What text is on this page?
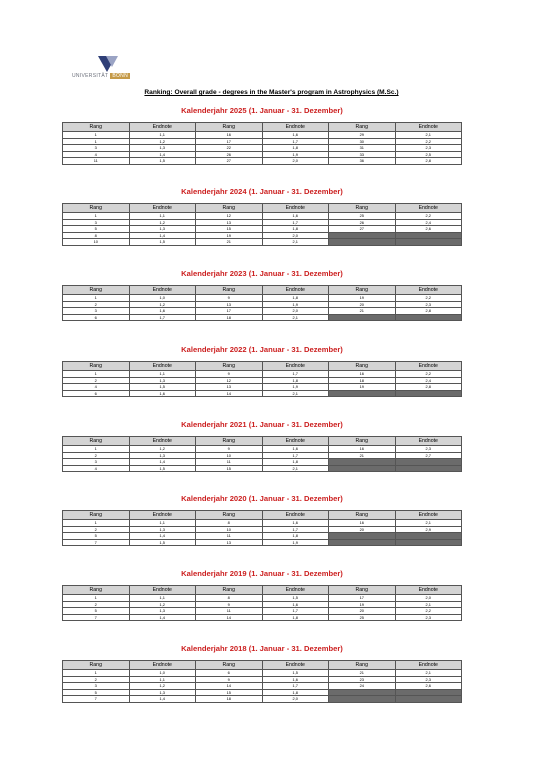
UNIVERSITÄT BONN
Ranking: Overall grade - degrees in the Master's program in Astrophysics (M.Sc.)
Kalenderjahr 2025 (1. Januar - 31. Dezember)
Rang	Endnote	Rang	Endnote	Rang	Endnote
1	1,1	16	1,6	29	2,1
1	1,2	17	1,7	30	2,2
3	1,3	22	1,8	31	2,3
4	1,4	26	1,9	33	2,5
11	1,5	27	2,0	36	2,8
Kalenderjahr 2024 (1. Januar - 31. Dezember)
Rang	Endnote	Rang	Endnote	Rang	Endnote
1	1,1	12	1,6	25	2,2
3	1,2	13	1,7	26	2,4
5	1,3	15	1,8	27	2,6
8	1,4	19	2,0		
10	1,5	21	2,1		
Kalenderjahr 2023 (1. Januar - 31. Dezember)
Rang	Endnote	Rang	Endnote	Rang	Endnote
1	1,0	9	1,8	19	2,2
2	1,2	13	1,9	20	2,3
3	1,6	17	2,0	21	2,8
6	1,7	18	2,1		
Kalenderjahr 2022 (1. Januar - 31. Dezember)
Rang	Endnote	Rang	Endnote	Rang	Endnote
1	1,1	9	1,7	16	2,2
2	1,3	12	1,8	18	2,4
4	1,5	13	1,9	19	2,8
6	1,6	14	2,1		
Kalenderjahr 2021 (1. Januar - 31. Dezember)
Rang	Endnote	Rang	Endnote	Rang	Endnote
1	1,2	9	1,6	16	2,3
2	1,3	10	1,7	21	2,7
3	1,4	11	1,8		
4	1,5	15	2,1		
Kalenderjahr 2020 (1. Januar - 31. Dezember)
Rang	Endnote	Rang	Endnote	Rang	Endnote
1	1,1	8	1,6	16	2,1
2	1,3	10	1,7	20	2,9
5	1,4	11	1,8		
7	1,5	13	1,9		
Kalenderjahr 2019 (1. Januar - 31. Dezember)
Rang	Endnote	Rang	Endnote	Rang	Endnote
1	1,1	8	1,5	17	2,0
2	1,2	9	1,6	19	2,1
5	1,3	11	1,7	20	2,2
7	1,4	14	1,8	25	2,3
Kalenderjahr 2018 (1. Januar - 31. Dezember)
Rang	Endnote	Rang	Endnote	Rang	Endnote
1	1,0	6	1,5	21	2,1
2	1,1	9	1,6	23	2,3
3	1,2	14	1,7	24	2,6
5	1,3	15	1,8		
7	1,4	18	2,0		
